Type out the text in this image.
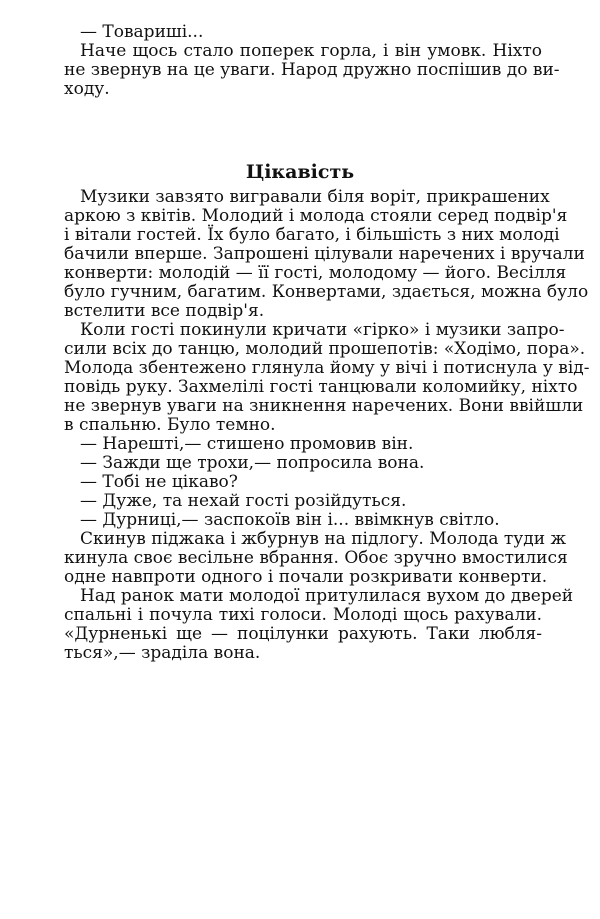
— Товариші...

Наче щось стало поперек горла, і він умовк. Ніхто

не звернув на це уваги. Народ дружно поспішив до ви-

ходу.

Цікавість

Музики завзято вигравали біля воріт, прикрашених

аркою з квітів. Молодий і молода стояли серед подвір'я

і вітали гостей. Їх було багато, і більшість з них молоді

бачили вперше. Запрошені цілували наречених і вручали

конверти: молодій — її гості, молодому — його. Весілля

було гучним, багатим. Конвертами, здається, можна було

встелити все подвір'я.

Коли гості покинули кричати «гірко» і музики запро-

сили всіх до танцю, молодий прошепотів: «Ходімо, пора».

Молода збентежено глянула йому у вічі і потиснула у від-

повідь руку. Захмелілі гості танцювали коломийку, ніхто

не звернув уваги на зникнення наречених. Вони ввійшли

в спальню. Було темно.

— Нарешті,— стишено промовив він.

— Зажди ще трохи,— попросила вона.

— Тобі не цікаво?

— Дуже, та нехай гості розійдуться.

— Дурниці,— заспокоїв він і... ввімкнув світло.

Скинув піджака і жбурнув на підлогу. Молода туди ж

кинула своє весільне вбрання. Обоє зручно вмостилися

одне навпроти одного і почали розкривати конверти.

Над ранок мати молодої притулилася вухом до дверей

спальні і почула тихі голоси. Молоді щось рахували.

«Дурненькі ще — поцілунки рахують. Таки любля-

ться»,— зраділа вона.
